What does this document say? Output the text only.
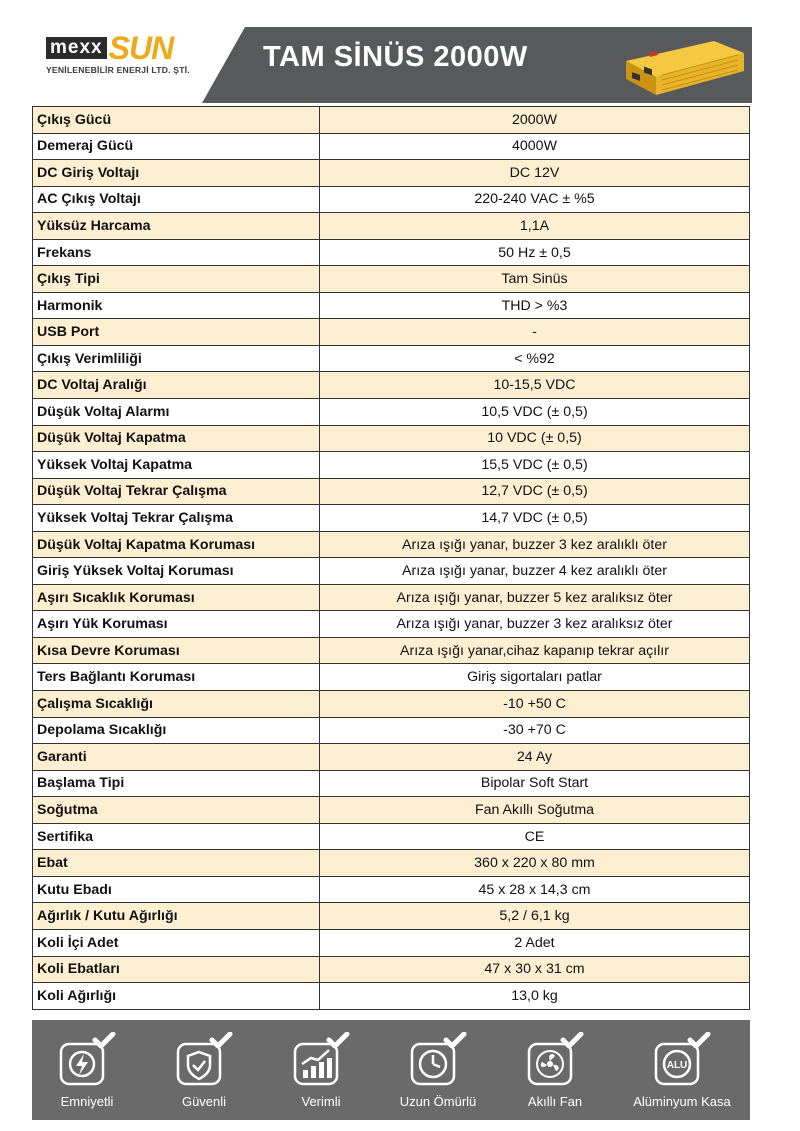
mexx SUN
YENİLENEBİLİR ENERJİ LTD. ŞTİ.	TAM SİNÜS 2000W
Çıkış Gücü	2000W
Demeraj Gücü	4000W
DC Giriş Voltajı	DC 12V
AC Çıkış Voltajı	220-240 VAC ± %5
Yüksüz Harcama	1,1A
Frekans	50 Hz ± 0,5
Çıkış Tipi	Tam Sinüs
Harmonik	THD > %3
USB Port	-
Çıkış Verimliliği	< %92
DC Voltaj Aralığı	10-15,5 VDC
Düşük Voltaj Alarmı	10,5 VDC (± 0,5)
Düşük Voltaj Kapatma	10 VDC (± 0,5)
Yüksek Voltaj Kapatma	15,5 VDC (± 0,5)
Düşük Voltaj Tekrar Çalışma	12,7 VDC (± 0,5)
Yüksek Voltaj Tekrar Çalışma	14,7 VDC (± 0,5)
Düşük Voltaj Kapatma Koruması	Arıza ışığı yanar, buzzer 3 kez aralıklı öter
Giriş Yüksek Voltaj Koruması	Arıza ışığı yanar, buzzer 4 kez aralıklı öter
Aşırı Sıcaklık Koruması	Arıza ışığı yanar, buzzer 5 kez aralıksız öter
Aşırı Yük Koruması	Arıza ışığı yanar, buzzer 3 kez aralıksız öter
Kısa Devre Koruması	Arıza ışığı yanar,cihaz kapanıp tekrar açılır
Ters Bağlantı Koruması	Giriş sigortaları patlar
Çalışma Sıcaklığı	-10 +50 C
Depolama Sıcaklığı	-30 +70 C
Garanti	24 Ay
Başlama Tipi	Bipolar Soft Start
Soğutma	Fan Akıllı Soğutma
Sertifika	CE
Ebat	360 x 220 x 80 mm
Kutu Ebadı	45 x 28 x 14,3 cm
Ağırlık / Kutu Ağırlığı	5,2 / 6,1 kg
Koli İçi Adet	2 Adet
Koli Ebatları	47 x 30 x 31 cm
Koli Ağırlığı	13,0 kg
Emniyetli	Güvenli	Verimli	Uzun Ömürlü	Akıllı Fan
ALU
Alüminyum Kasa
